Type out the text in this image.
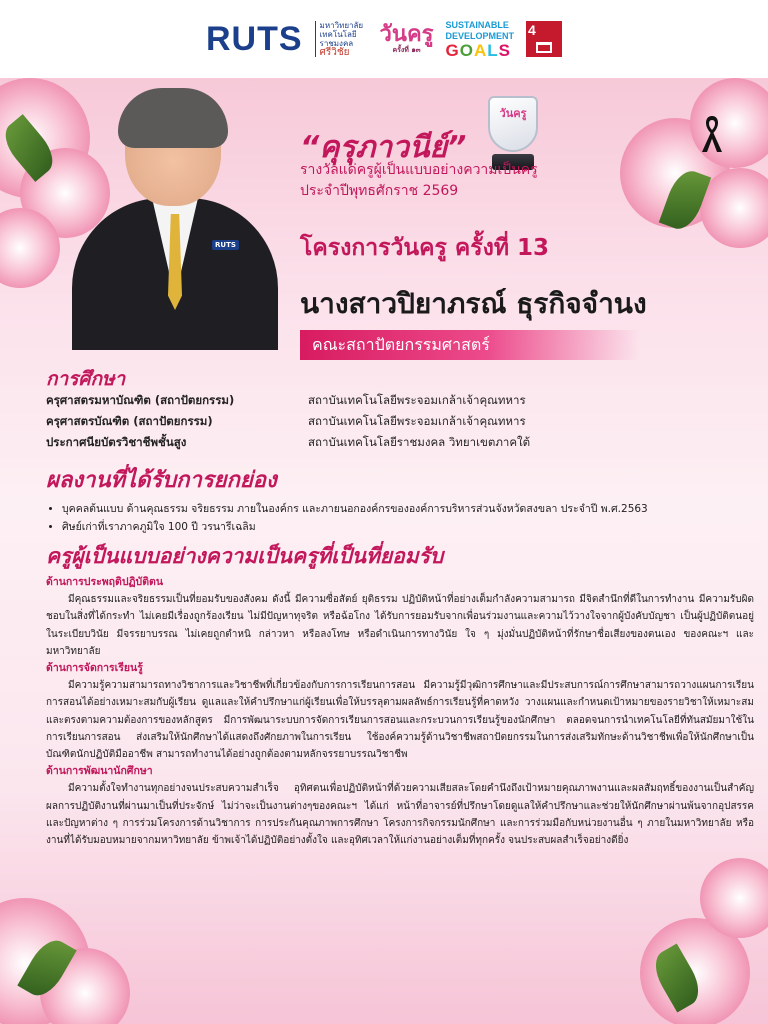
RUTS มหาวิทยาลัย
เทคโนโลยีราชมงคล
ศรีวิชัย
วันครู
ครั้งที่ ๑๓
SUSTAINABLE
DEVELOPMENT
GOALS
4
RUTS
วันครู
“คุรุภาวนีย์”
รางวัลแด่ครูผู้เป็นแบบอย่างความเป็นครู
ประจำปีพุทธศักราช 2569
โครงการวันครู ครั้งที่ 13
นางสาวปิยาภรณ์ ธุรกิจจำนง
คณะสถาปัตยกรรมศาสตร์
การศึกษา
ครุศาสตรมหาบัณฑิต (สถาปัตยกรรม)	สถาบันเทคโนโลยีพระจอมเกล้าเจ้าคุณทหาร
ครุศาสตรบัณฑิต (สถาปัตยกรรม)	สถาบันเทคโนโลยีพระจอมเกล้าเจ้าคุณทหาร
ประกาศนียบัตรวิชาชีพชั้นสูง	สถาบันเทคโนโลยีราชมงคล วิทยาเขตภาคใต้
ผลงานที่ได้รับการยกย่อง
• บุคคลต้นแบบ ด้านคุณธรรม จริยธรรม ภายในองค์กร และภายนอกองค์กรขององค์การบริหารส่วนจังหวัดสงขลา ประจำปี พ.ศ.2563
• ศิษย์เก่าที่เราภาคภูมิใจ 100 ปี วรนารีเฉลิม
ครูผู้เป็นแบบอย่างความเป็นครูที่เป็นที่ยอมรับ
ด้านการประพฤติปฏิบัติตน

มีคุณธรรมและจริยธรรมเป็นที่ยอมรับของสังคม ดังนี้ มีความซื่อสัตย์ ยุติธรรม ปฏิบัติหน้าที่อย่างเต็มกำลังความสามารถ มีจิตสำนึกที่ดีในการทำงาน มีความรับผิดชอบในสิ่งที่ได้กระทำ ไม่เคยมีเรื่องถูกร้องเรียน ไม่มีปัญหาทุจริต หรือฉ้อโกง ได้รับการยอมรับจากเพื่อนร่วมงานและความไว้วางใจจากผู้บังคับบัญชา เป็นผู้ปฏิบัติตนอยู่ในระเบียบวินัย มีจรรยาบรรณ ไม่เคยถูกตำหนิ กล่าวหา หรือลงโทษ หรือดำเนินการทางวินัย ใจ ๆ มุ่งมั่นปฏิบัติหน้าที่รักษาชื่อเสียงของตนเอง ของคณะฯ และมหาวิทยาลัย

ด้านการจัดการเรียนรู้

มีความรู้ความสามารถทางวิชาการและวิชาชีพที่เกี่ยวข้องกับการการเรียนการสอน มีความรู้มีวุฒิการศึกษาและมีประสบการณ์การศึกษาสามารถวางแผนการเรียนการสอนได้อย่างเหมาะสมกับผู้เรียน ดูแลและให้คำปรึกษาแก่ผู้เรียนเพื่อให้บรรลุตามผลลัพธ์การเรียนรู้ที่คาดหวัง วางแผนและกำหนดเป้าหมายของรายวิชาให้เหมาะสมและตรงตามความต้องการของหลักสูตร มีการพัฒนาระบบการจัดการเรียนการสอนและกระบวนการเรียนรู้ของนักศึกษา ตลอดจนการนำเทคโนโลยีที่ทันสมัยมาใช้ในการเรียนการสอน ส่งเสริมให้นักศึกษาได้แสดงถึงศักยภาพในการเรียน ใช้องค์ความรู้ด้านวิชาชีพสถาปัตยกรรมในการส่งเสริมทักษะด้านวิชาชีพเพื่อให้นักศึกษาเป็นบัณฑิตนักปฏิบัติมืออาชีพ สามารถทำงานได้อย่างถูกต้องตามหลักจรรยาบรรณวิชาชีพ

ด้านการพัฒนานักศึกษา

มีความตั้งใจทำงานทุกอย่างจนประสบความสำเร็จ อุทิศตนเพื่อปฏิบัติหน้าที่ด้วยความเสียสละโดยคำนึงถึงเป้าหมายคุณภาพงานและผลสัมฤทธิ์ของงานเป็นสำคัญ ผลการปฏิบัติงานที่ผ่านมาเป็นที่ประจักษ์ ไม่ว่าจะเป็นงานต่างๆของคณะฯ ได้แก่ หน้าที่อาจารย์ที่ปรึกษาโดยดูแลให้คำปรึกษาและช่วยให้นักศึกษาผ่านพ้นจากอุปสรรคและปัญหาต่าง ๆ การร่วมโครงการด้านวิชาการ การประกันคุณภาพการศึกษา โครงการกิจกรรมนักศึกษา และการร่วมมือกับหน่วยงานอื่น ๆ ภายในมหาวิทยาลัย หรืองานที่ได้รับมอบหมายจากมหาวิทยาลัย ข้าพเจ้าได้ปฏิบัติอย่างตั้งใจ และอุทิศเวลาให้แก่งานอย่างเต็มที่ทุกครั้ง จนประสบผลสำเร็จอย่างดียิ่ง
